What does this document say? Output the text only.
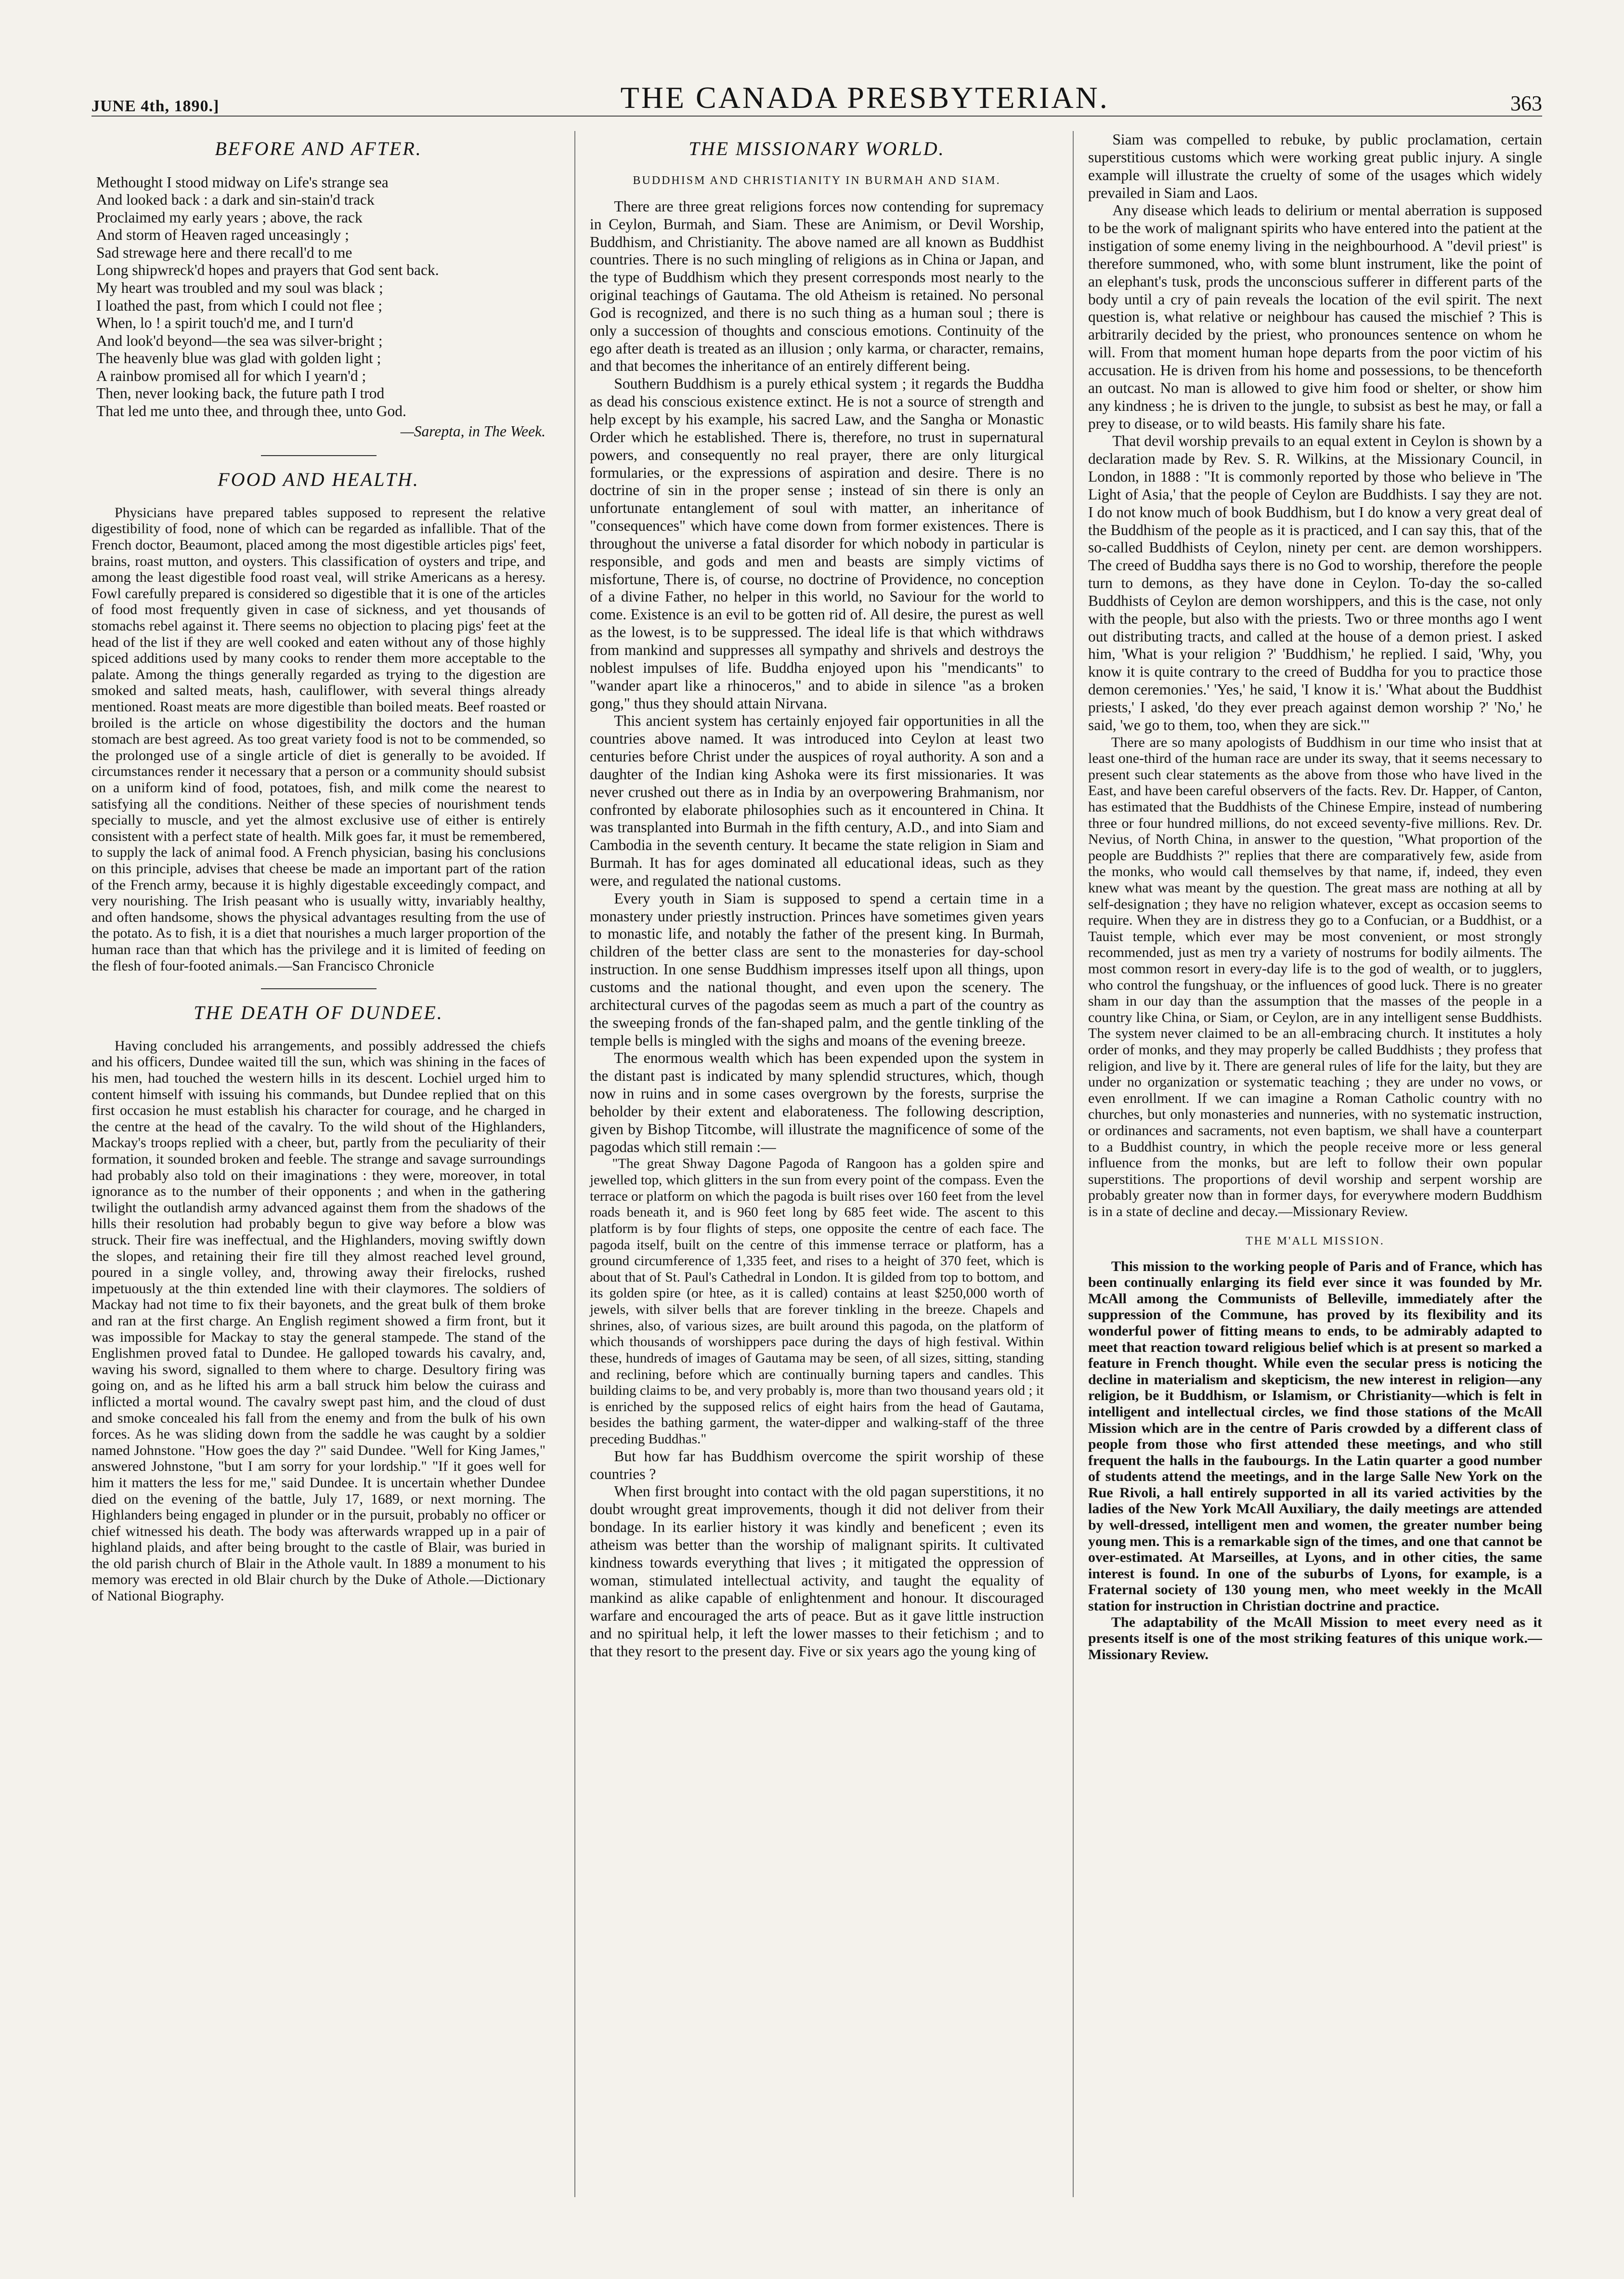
JUNE 4th, 1890.]	THE CANADA PRESBYTERIAN.	363
BEFORE AND AFTER.
Methought I stood midway on Life's strange sea
And looked back : a dark and sin-stain'd track
Proclaimed my early years ; above, the rack
And storm of Heaven raged unceasingly ;
Sad strewage here and there recall'd to me
Long shipwreck'd hopes and prayers that God sent back.
My heart was troubled and my soul was black ;
I loathed the past, from which I could not flee ;
When, lo ! a spirit touch'd me, and I turn'd
And look'd beyond—the sea was silver-bright ;
The heavenly blue was glad with golden light ;
A rainbow promised all for which I yearn'd ;
Then, never looking back, the future path I trod
That led me unto thee, and through thee, unto God.
—Sarepta, in The Week.
FOOD AND HEALTH.

Physicians have prepared tables supposed to represent the relative digestibility of food, none of which can be regarded as infallible. That of the French doctor, Beaumont, placed among the most digestible articles pigs' feet, brains, roast mutton, and oysters. This classification of oysters and tripe, and among the least digestible food roast veal, will strike Americans as a heresy. Fowl carefully prepared is considered so digestible that it is one of the articles of food most frequently given in case of sickness, and yet thousands of stomachs rebel against it. There seems no objection to placing pigs' feet at the head of the list if they are well cooked and eaten without any of those highly spiced additions used by many cooks to render them more acceptable to the palate. Among the things generally regarded as trying to the digestion are smoked and salted meats, hash, cauliflower, with several things already mentioned. Roast meats are more digestible than boiled meats. Beef roasted or broiled is the article on whose digestibility the doctors and the human stomach are best agreed. As too great variety food is not to be commended, so the prolonged use of a single article of diet is generally to be avoided. If circumstances render it necessary that a person or a community should subsist on a uniform kind of food, potatoes, fish, and milk come the nearest to satisfying all the conditions. Neither of these species of nourishment tends specially to muscle, and yet the almost exclusive use of either is entirely consistent with a perfect state of health. Milk goes far, it must be remembered, to supply the lack of animal food. A French physician, basing his conclusions on this principle, advises that cheese be made an important part of the ration of the French army, because it is highly digestable exceedingly compact, and very nourishing. The Irish peasant who is usually witty, invariably healthy, and often handsome, shows the physical advantages resulting from the use of the potato. As to fish, it is a diet that nourishes a much larger proportion of the human race than that which has the privilege and it is limited of feeding on the flesh of four-footed animals.—San Francisco Chronicle

THE DEATH OF DUNDEE.

Having concluded his arrangements, and possibly addressed the chiefs and his officers, Dundee waited till the sun, which was shining in the faces of his men, had touched the western hills in its descent. Lochiel urged him to content himself with issuing his commands, but Dundee replied that on this first occasion he must establish his character for courage, and he charged in the centre at the head of the cavalry. To the wild shout of the Highlanders, Mackay's troops replied with a cheer, but, partly from the peculiarity of their formation, it sounded broken and feeble. The strange and savage surroundings had probably also told on their imaginations : they were, moreover, in total ignorance as to the number of their opponents ; and when in the gathering twilight the outlandish army advanced against them from the shadows of the hills their resolution had probably begun to give way before a blow was struck. Their fire was ineffectual, and the Highlanders, moving swiftly down the slopes, and retaining their fire till they almost reached level ground, poured in a single volley, and, throwing away their firelocks, rushed impetuously at the thin extended line with their claymores. The soldiers of Mackay had not time to fix their bayonets, and the great bulk of them broke and ran at the first charge. An English regiment showed a firm front, but it was impossible for Mackay to stay the general stampede. The stand of the Englishmen proved fatal to Dundee. He galloped towards his cavalry, and, waving his sword, signalled to them where to charge. Desultory firing was going on, and as he lifted his arm a ball struck him below the cuirass and inflicted a mortal wound. The cavalry swept past him, and the cloud of dust and smoke concealed his fall from the enemy and from the bulk of his own forces. As he was sliding down from the saddle he was caught by a soldier named Johnstone. "How goes the day ?" said Dundee. "Well for King James," answered Johnstone, "but I am sorry for your lordship." "If it goes well for him it matters the less for me," said Dundee. It is uncertain whether Dundee died on the evening of the battle, July 17, 1689, or next morning. The Highlanders being engaged in plunder or in the pursuit, probably no officer or chief witnessed his death. The body was afterwards wrapped up in a pair of highland plaids, and after being brought to the castle of Blair, was buried in the old parish church of Blair in the Athole vault. In 1889 a monument to his memory was erected in old Blair church by the Duke of Athole.—Dictionary of National Biography.

THE MISSIONARY WORLD.
BUDDHISM AND CHRISTIANITY IN BURMAH AND SIAM.

There are three great religions forces now contending for supremacy in Ceylon, Burmah, and Siam. These are Animism, or Devil Worship, Buddhism, and Christianity. The above named are all known as Buddhist countries. There is no such mingling of religions as in China or Japan, and the type of Buddhism which they present corresponds most nearly to the original teachings of Gautama. The old Atheism is retained. No personal God is recognized, and there is no such thing as a human soul ; there is only a succession of thoughts and conscious emotions. Continuity of the ego after death is treated as an illusion ; only karma, or character, remains, and that becomes the inheritance of an entirely different being.

Southern Buddhism is a purely ethical system ; it regards the Buddha as dead his conscious existence extinct. He is not a source of strength and help except by his example, his sacred Law, and the Sangha or Monastic Order which he established. There is, therefore, no trust in supernatural powers, and consequently no real prayer, there are only liturgical formularies, or the expressions of aspiration and desire. There is no doctrine of sin in the proper sense ; instead of sin there is only an unfortunate entanglement of soul with matter, an inheritance of "consequences" which have come down from former existences. There is throughout the universe a fatal disorder for which nobody in particular is responsible, and gods and men and beasts are simply victims of misfortune, There is, of course, no doctrine of Providence, no conception of a divine Father, no helper in this world, no Saviour for the world to come. Existence is an evil to be gotten rid of. All desire, the purest as well as the lowest, is to be suppressed. The ideal life is that which withdraws from mankind and suppresses all sympathy and shrivels and destroys the noblest impulses of life. Buddha enjoyed upon his "mendicants" to "wander apart like a rhinoceros," and to abide in silence "as a broken gong," thus they should attain Nirvana.

This ancient system has certainly enjoyed fair opportunities in all the countries above named. It was introduced into Ceylon at least two centuries before Christ under the auspices of royal authority. A son and a daughter of the Indian king Ashoka were its first missionaries. It was never crushed out there as in India by an overpowering Brahmanism, nor confronted by elaborate philosophies such as it encountered in China. It was transplanted into Burmah in the fifth century, A.D., and into Siam and Cambodia in the seventh century. It became the state religion in Siam and Burmah. It has for ages dominated all educational ideas, such as they were, and regulated the national customs.

Every youth in Siam is supposed to spend a certain time in a monastery under priestly instruction. Princes have sometimes given years to monastic life, and notably the father of the present king. In Burmah, children of the better class are sent to the monasteries for day-school instruction. In one sense Buddhism impresses itself upon all things, upon customs and the national thought, and even upon the scenery. The architectural curves of the pagodas seem as much a part of the country as the sweeping fronds of the fan-shaped palm, and the gentle tinkling of the temple bells is mingled with the sighs and moans of the evening breeze.

The enormous wealth which has been expended upon the system in the distant past is indicated by many splendid structures, which, though now in ruins and in some cases overgrown by the forests, surprise the beholder by their extent and elaborateness. The following description, given by Bishop Titcombe, will illustrate the magnificence of some of the pagodas which still remain :—

"The great Shway Dagone Pagoda of Rangoon has a golden spire and jewelled top, which glitters in the sun from every point of the compass. Even the terrace or platform on which the pagoda is built rises over 160 feet from the level roads beneath it, and is 960 feet long by 685 feet wide. The ascent to this platform is by four flights of steps, one opposite the centre of each face. The pagoda itself, built on the centre of this immense terrace or platform, has a ground circumference of 1,335 feet, and rises to a height of 370 feet, which is about that of St. Paul's Cathedral in London. It is gilded from top to bottom, and its golden spire (or htee, as it is called) contains at least $250,000 worth of jewels, with silver bells that are forever tinkling in the breeze. Chapels and shrines, also, of various sizes, are built around this pagoda, on the platform of which thousands of worshippers pace during the days of high festival. Within these, hundreds of images of Gautama may be seen, of all sizes, sitting, standing and reclining, before which are continually burning tapers and candles. This building claims to be, and very probably is, more than two thousand years old ; it is enriched by the supposed relics of eight hairs from the head of Gautama, besides the bathing garment, the water-dipper and walking-staff of the three preceding Buddhas."

But how far has Buddhism overcome the spirit worship of these countries ?

When first brought into contact with the old pagan superstitions, it no doubt wrought great improvements, though it did not deliver from their bondage. In its earlier history it was kindly and beneficent ; even its atheism was better than the worship of malignant spirits. It cultivated kindness towards everything that lives ; it mitigated the oppression of woman, stimulated intellectual activity, and taught the equality of mankind as alike capable of enlightenment and honour. It discouraged warfare and encouraged the arts of peace. But as it gave little instruction and no spiritual help, it left the lower masses to their fetichism ; and to that they resort to the present day. Five or six years ago the young king of

Siam was compelled to rebuke, by public proclamation, certain superstitious customs which were working great public injury. A single example will illustrate the cruelty of some of the usages which widely prevailed in Siam and Laos.

Any disease which leads to delirium or mental aberration is supposed to be the work of malignant spirits who have entered into the patient at the instigation of some enemy living in the neighbourhood. A "devil priest" is therefore summoned, who, with some blunt instrument, like the point of an elephant's tusk, prods the unconscious sufferer in different parts of the body until a cry of pain reveals the location of the evil spirit. The next question is, what relative or neighbour has caused the mischief ? This is arbitrarily decided by the priest, who pronounces sentence on whom he will. From that moment human hope departs from the poor victim of his accusation. He is driven from his home and possessions, to be thenceforth an outcast. No man is allowed to give him food or shelter, or show him any kindness ; he is driven to the jungle, to subsist as best he may, or fall a prey to disease, or to wild beasts. His family share his fate.

That devil worship prevails to an equal extent in Ceylon is shown by a declaration made by Rev. S. R. Wilkins, at the Missionary Council, in London, in 1888 : "It is commonly reported by those who believe in 'The Light of Asia,' that the people of Ceylon are Buddhists. I say they are not. I do not know much of book Buddhism, but I do know a very great deal of the Buddhism of the people as it is practiced, and I can say this, that of the so-called Buddhists of Ceylon, ninety per cent. are demon worshippers. The creed of Buddha says there is no God to worship, therefore the people turn to demons, as they have done in Ceylon. To-day the so-called Buddhists of Ceylon are demon worshippers, and this is the case, not only with the people, but also with the priests. Two or three months ago I went out distributing tracts, and called at the house of a demon priest. I asked him, 'What is your religion ?' 'Buddhism,' he replied. I said, 'Why, you know it is quite contrary to the creed of Buddha for you to practice those demon ceremonies.' 'Yes,' he said, 'I know it is.' 'What about the Buddhist priests,' I asked, 'do they ever preach against demon worship ?' 'No,' he said, 'we go to them, too, when they are sick.'"

There are so many apologists of Buddhism in our time who insist that at least one-third of the human race are under its sway, that it seems necessary to present such clear statements as the above from those who have lived in the East, and have been careful observers of the facts. Rev. Dr. Happer, of Canton, has estimated that the Buddhists of the Chinese Empire, instead of numbering three or four hundred millions, do not exceed seventy-five millions. Rev. Dr. Nevius, of North China, in answer to the question, "What proportion of the people are Buddhists ?" replies that there are comparatively few, aside from the monks, who would call themselves by that name, if, indeed, they even knew what was meant by the question. The great mass are nothing at all by self-designation ; they have no religion whatever, except as occasion seems to require. When they are in distress they go to a Confucian, or a Buddhist, or a Tauist temple, which ever may be most convenient, or most strongly recommended, just as men try a variety of nostrums for bodily ailments. The most common resort in every-day life is to the god of wealth, or to jugglers, who control the fungshuay, or the influences of good luck. There is no greater sham in our day than the assumption that the masses of the people in a country like China, or Siam, or Ceylon, are in any intelligent sense Buddhists. The system never claimed to be an all-embracing church. It institutes a holy order of monks, and they may properly be called Buddhists ; they profess that religion, and live by it. There are general rules of life for the laity, but they are under no organization or systematic teaching ; they are under no vows, or even enrollment. If we can imagine a Roman Catholic country with no churches, but only monasteries and nunneries, with no systematic instruction, or ordinances and sacraments, not even baptism, we shall have a counterpart to a Buddhist country, in which the people receive more or less general influence from the monks, but are left to follow their own popular superstitions. The proportions of devil worship and serpent worship are probably greater now than in former days, for everywhere modern Buddhism is in a state of decline and decay.—Missionary Review.

THE M'ALL MISSION.

This mission to the working people of Paris and of France, which has been continually enlarging its field ever since it was founded by Mr. McAll among the Communists of Belleville, immediately after the suppression of the Commune, has proved by its flexibility and its wonderful power of fitting means to ends, to be admirably adapted to meet that reaction toward religious belief which is at present so marked a feature in French thought. While even the secular press is noticing the decline in materialism and skepticism, the new interest in religion—any religion, be it Buddhism, or Islamism, or Christianity—which is felt in intelligent and intellectual circles, we find those stations of the McAll Mission which are in the centre of Paris crowded by a different class of people from those who first attended these meetings, and who still frequent the halls in the faubourgs. In the Latin quarter a good number of students attend the meetings, and in the large Salle New York on the Rue Rivoli, a hall entirely supported in all its varied activities by the ladies of the New York McAll Auxiliary, the daily meetings are attended by well-dressed, intelligent men and women, the greater number being young men. This is a remarkable sign of the times, and one that cannot be over-estimated. At Marseilles, at Lyons, and in other cities, the same interest is found. In one of the suburbs of Lyons, for example, is a Fraternal society of 130 young men, who meet weekly in the McAll station for instruction in Christian doctrine and practice.

The adaptability of the McAll Mission to meet every need as it presents itself is one of the most striking features of this unique work.—Missionary Review.
